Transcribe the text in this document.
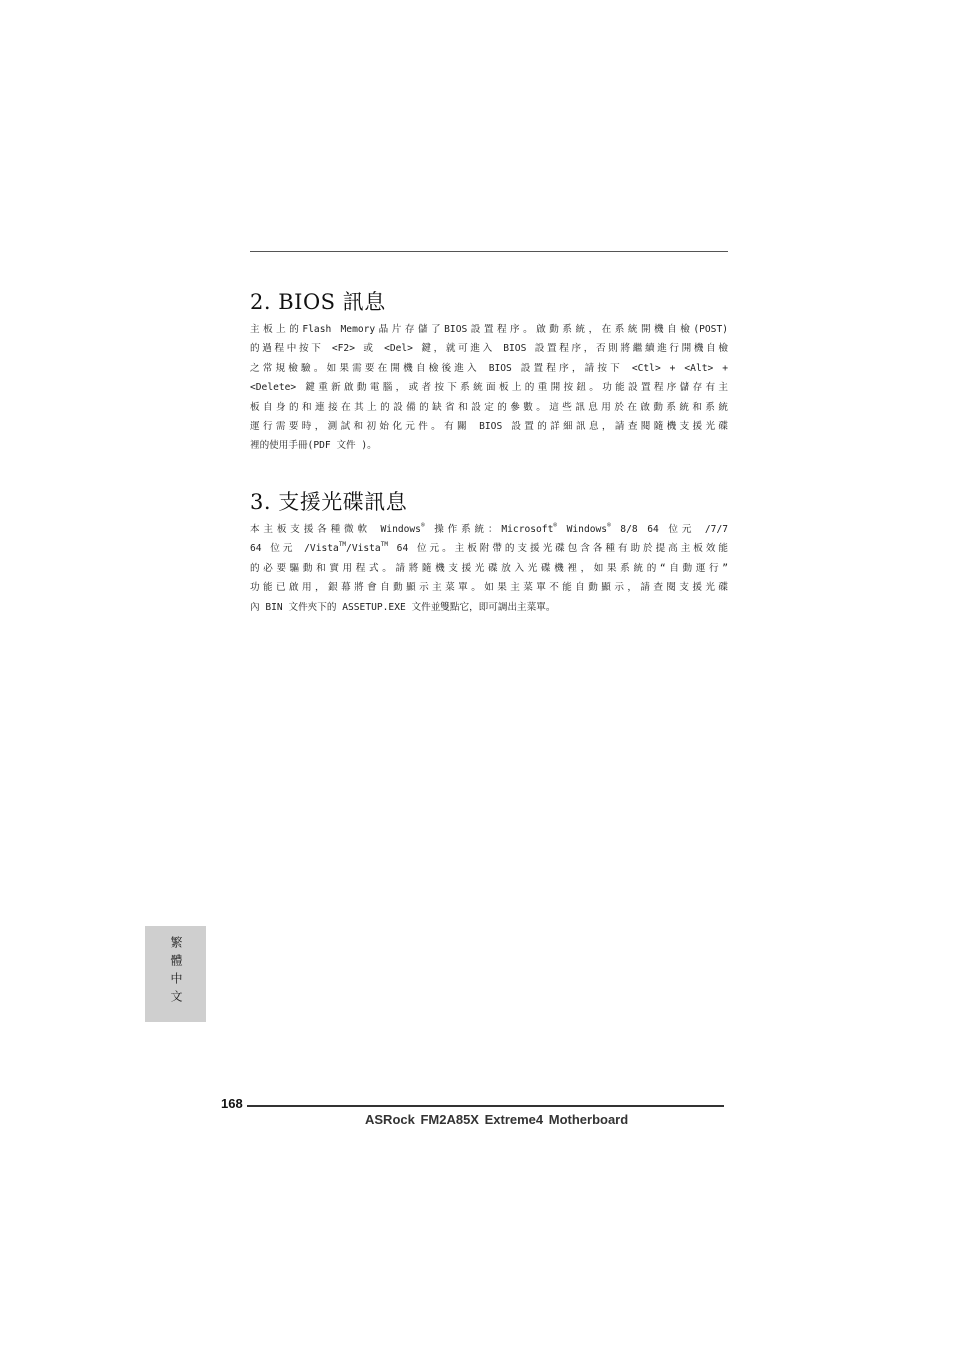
2. BIOS 訊息
主板上的Flash Memory晶片存儲了BIOS設置程序。啟動系統，在系統開機自檢(POST)
的過程中按下 <F2> 或 <Del> 鍵，就可進入 BIOS 設置程序，否則將繼續進行開機自檢
之常規檢驗。如果需要在開機自檢後進入 BIOS 設置程序，請按下 <Ctl> + <Alt> +
<Delete> 鍵重新啟動電腦，或者按下系統面板上的重開按鈕。功能設置程序儲存有主
板自身的和連接在其上的設備的缺省和設定的參數。這些訊息用於在啟動系統和系統
運行需要時，測試和初始化元件。有關 BIOS 設置的詳細訊息，請查閱隨機支援光碟
裡的使用手冊(PDF 文件 )。
3. 支援光碟訊息
本主板支援各種微軟 Windows® 操作系統：Microsoft® Windows® 8/8 64 位元 /7/7
64 位元 /Vista™/Vista™ 64 位元。主板附帶的支援光碟包含各種有助於提高主板效能
的必要驅動和實用程式。請將隨機支援光碟放入光碟機裡，如果系統的“自動運行”
功能已啟用，銀幕將會自動顯示主菜單。如果主菜單不能自動顯示，請查閱支援光碟
內 BIN 文件夾下的 ASSETUP.EXE 文件並雙點它，即可調出主菜單。
繁體中文
168
ASRock FM2A85X Extreme4 Motherboard
